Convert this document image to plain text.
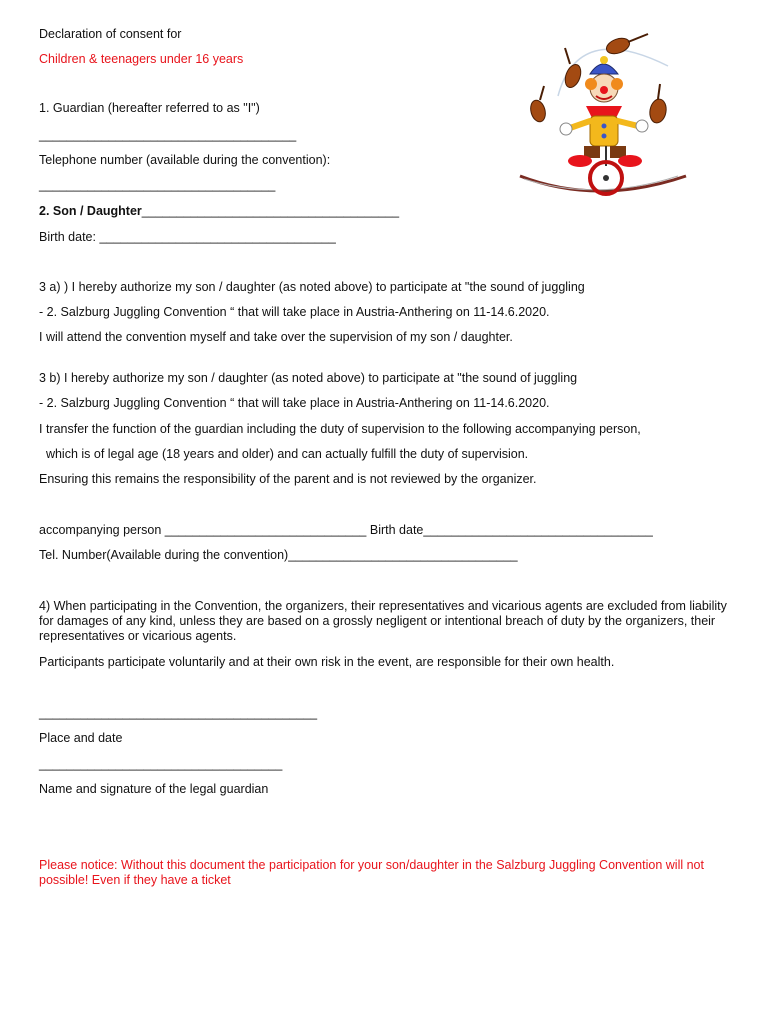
Declaration of consent for
Children & teenagers under 16 years
1. Guardian (hereafter referred to as "I")
_____________________________________
Telephone number (available during the convention):
__________________________________
2. Son / Daughter_____________________________________
Birth date: __________________________________
3 a) ) I hereby authorize my son / daughter (as noted above) to participate at "the sound of juggling
- 2. Salzburg Juggling Convention “ that will take place in Austria-Anthering on 11-14.6.2020.
I will attend the convention myself and take over the supervision of my son / daughter.
3 b) I hereby authorize my son / daughter (as noted above) to participate at "the sound of juggling
- 2. Salzburg Juggling Convention “ that will take place in Austria-Anthering on 11-14.6.2020.
I transfer the function of the guardian including the duty of supervision to the following accompanying person,
which is of legal age (18 years and older) and can actually fulfill the duty of supervision.
Ensuring this remains the responsibility of the parent and is not reviewed by the organizer.
accompanying person _____________________________ Birth date_________________________________
Tel. Number(Available during the convention)_________________________________
4) When participating in the Convention, the organizers, their representatives and vicarious agents are excluded from liability for damages of any kind, unless they are based on a grossly negligent or intentional breach of duty by the organizers, their representatives or vicarious agents.
Participants participate voluntarily and at their own risk in the event, are responsible for their own health.
________________________________________
Place and date
___________________________________
Name and signature of the legal guardian
Please notice: Without this document the participation for your son/daughter in the Salzburg Juggling Convention will not possible! Even if they have a ticket
